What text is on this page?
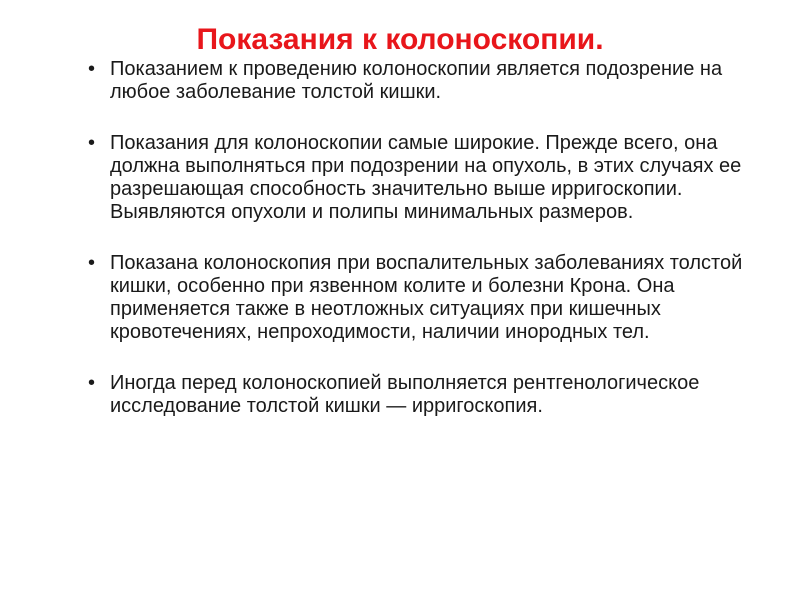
Показания к колоноскопии.
• Показанием к проведению колоноскопии является подозрение на любое заболевание толстой кишки.
• Показания для колоноскопии самые широкие. Прежде всего, она должна выполняться при подозрении на опухоль, в этих случаях ее разрешающая способность значительно выше ирригоскопии. Выявляются опухоли и полипы минимальных размеров.
• Показана колоноскопия при воспалительных заболеваниях толстой кишки, особенно при язвенном колите и болезни Крона. Она применяется также в неотложных ситуациях при кишечных кровотечениях, непроходимости, наличии инородных тел.
• Иногда перед колоноскопией выполняется рентгенологическое исследование толстой кишки — ирригоскопия.
